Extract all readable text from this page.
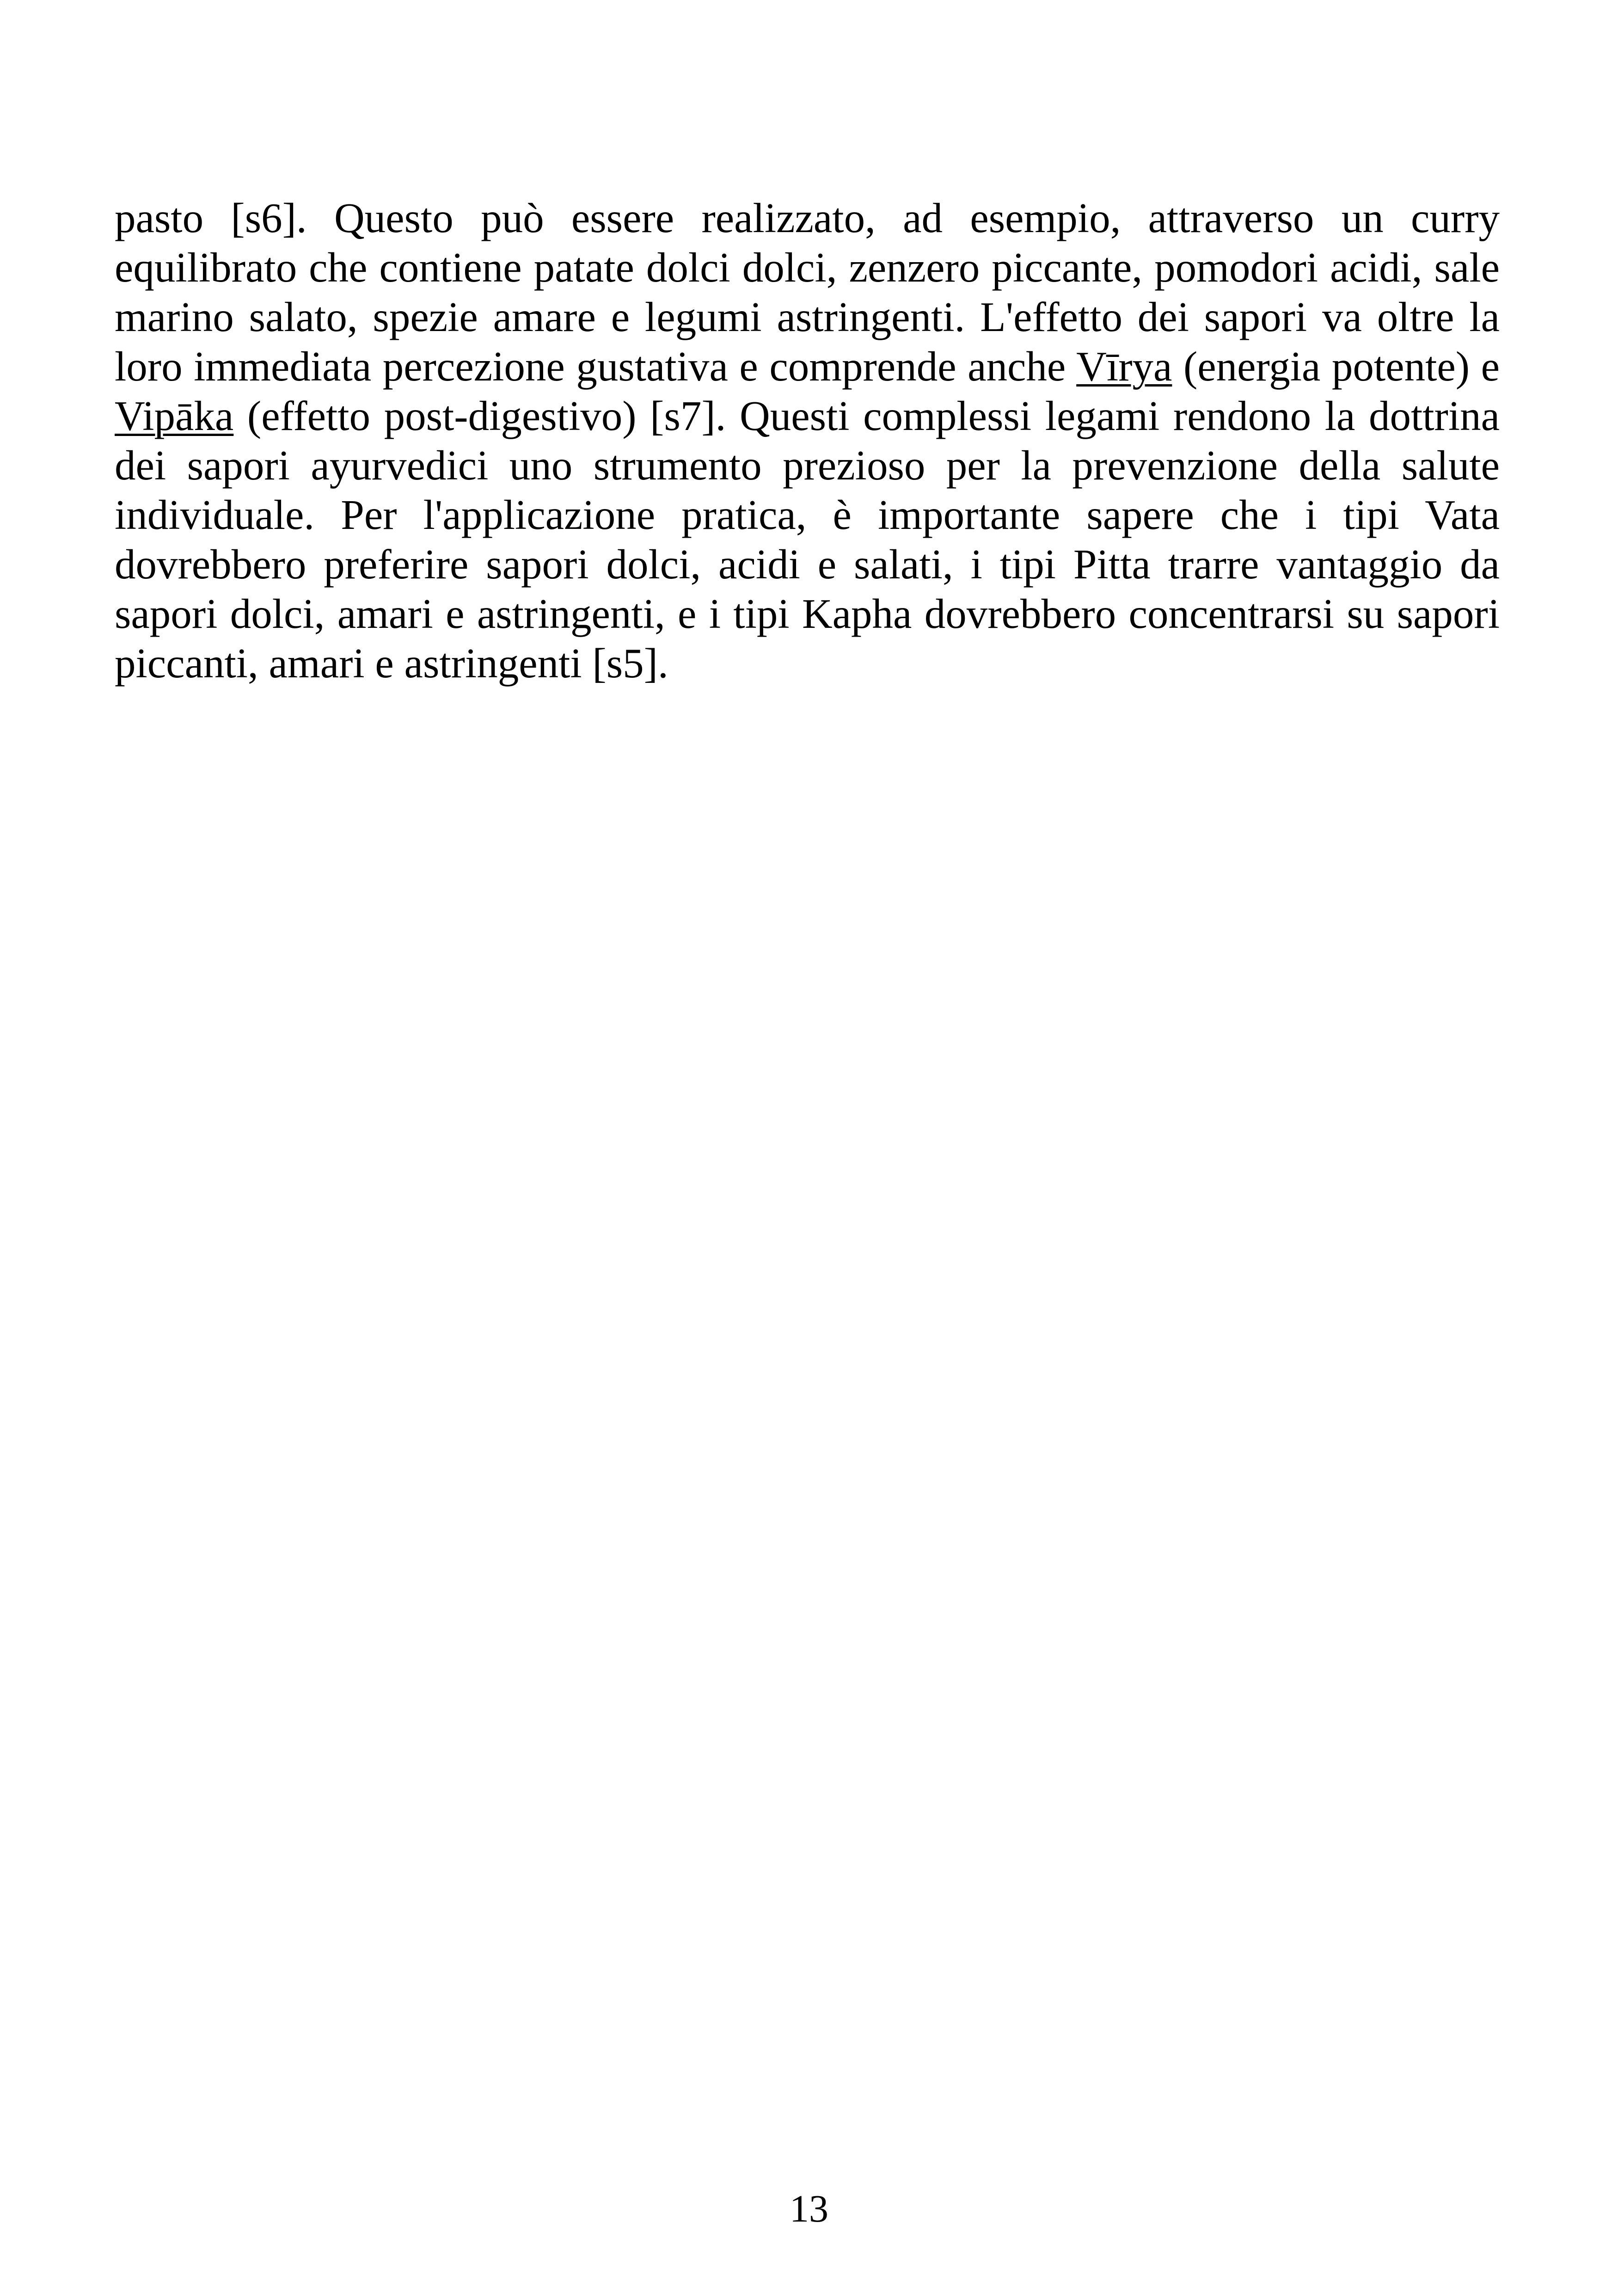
pasto [s6]. Questo può essere realizzato, ad esempio, attraverso un curry equilibrato che contiene patate dolci dolci, zenzero piccante, pomodori acidi, sale marino salato, spezie amare e legumi astringenti. L'effetto dei sapori va oltre la loro immediata percezione gustativa e comprende anche Vīrya (energia potente) e Vipāka (effetto post-digestivo) [s7]. Questi complessi legami rendono la dottrina dei sapori ayurvedici uno strumento prezioso per la prevenzione della salute individuale. Per l'applicazione pratica, è importante sapere che i tipi Vata dovrebbero preferire sapori dolci, acidi e salati, i tipi Pitta trarre vantaggio da sapori dolci, amari e astringenti, e i tipi Kapha dovrebbero concentrarsi su sapori piccanti, amari e astringenti [s5].

13
